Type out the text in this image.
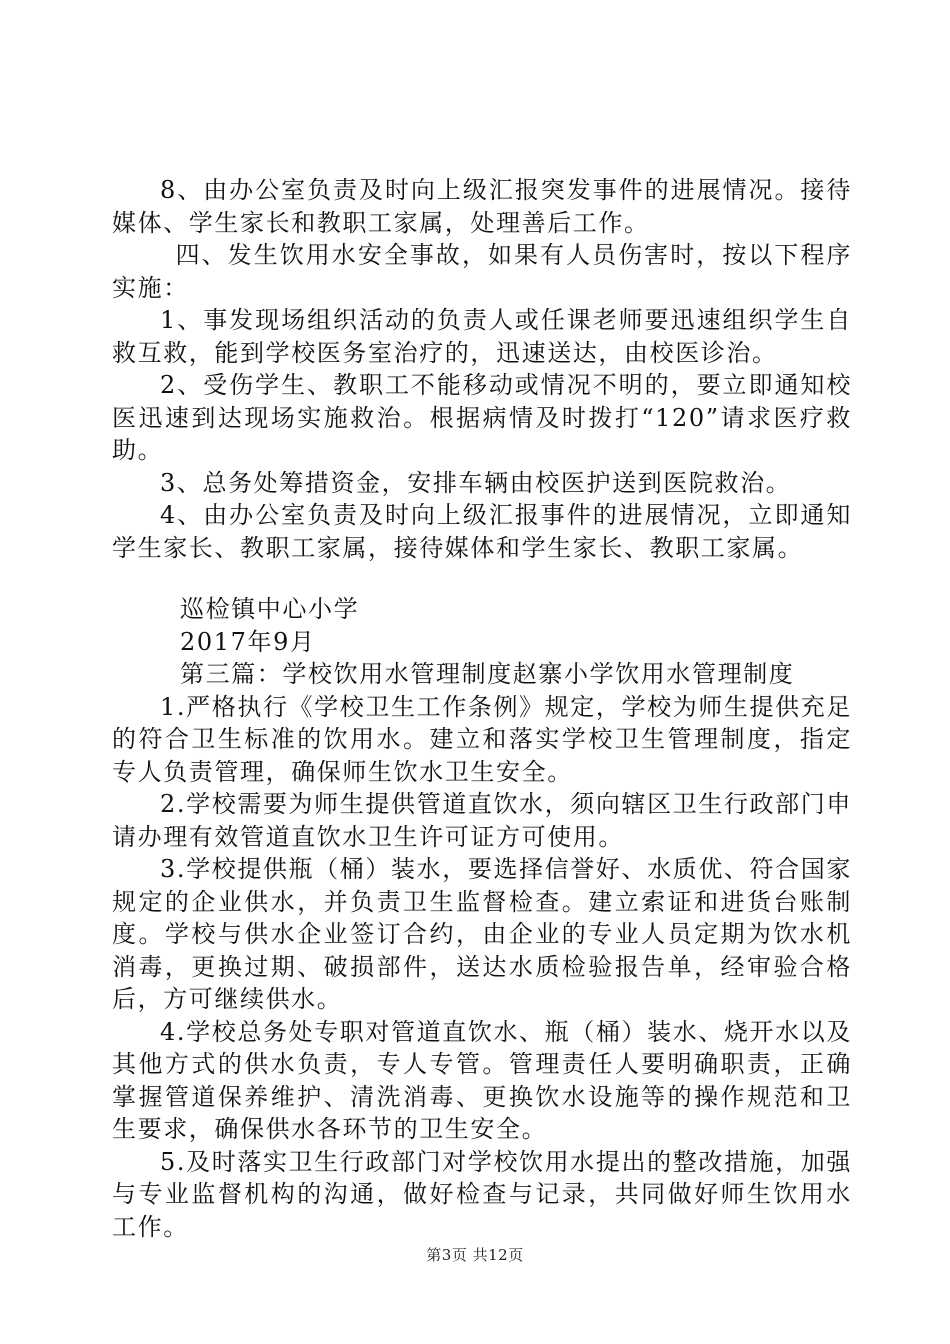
8、由办公室负责及时向上级汇报突发事件的进展情况。接待媒体、学生家长和教职工家属，处理善后工作。

四、发生饮用水安全事故，如果有人员伤害时，按以下程序实施：

1、事发现场组织活动的负责人或任课老师要迅速组织学生自救互救，能到学校医务室治疗的，迅速送达，由校医诊治。

2、受伤学生、教职工不能移动或情况不明的，要立即通知校医迅速到达现场实施救治。根据病情及时拨打“120”请求医疗救助。

3、总务处筹措资金，安排车辆由校医护送到医院救治。

4、由办公室负责及时向上级汇报事件的进展情况，立即通知学生家长、教职工家属，接待媒体和学生家长、教职工家属。

巡检镇中心小学

2017年9月

第三篇：学校饮用水管理制度赵寨小学饮用水管理制度

1.严格执行《学校卫生工作条例》规定，学校为师生提供充足的符合卫生标准的饮用水。建立和落实学校卫生管理制度，指定专人负责管理，确保师生饮水卫生安全。

2.学校需要为师生提供管道直饮水，须向辖区卫生行政部门申请办理有效管道直饮水卫生许可证方可使用。

3.学校提供瓶（桶）装水，要选择信誉好、水质优、符合国家规定的企业供水，并负责卫生监督检查。建立索证和进货台账制度。学校与供水企业签订合约，由企业的专业人员定期为饮水机消毒，更换过期、破损部件，送达水质检验报告单，经审验合格后，方可继续供水。

4.学校总务处专职对管道直饮水、瓶（桶）装水、烧开水以及其他方式的供水负责，专人专管。管理责任人要明确职责，正确掌握管道保养维护、清洗消毒、更换饮水设施等的操作规范和卫生要求，确保供水各环节的卫生安全。

5.及时落实卫生行政部门对学校饮用水提出的整改措施，加强与专业监督机构的沟通，做好检查与记录，共同做好师生饮用水工作。

第3页 共12页
